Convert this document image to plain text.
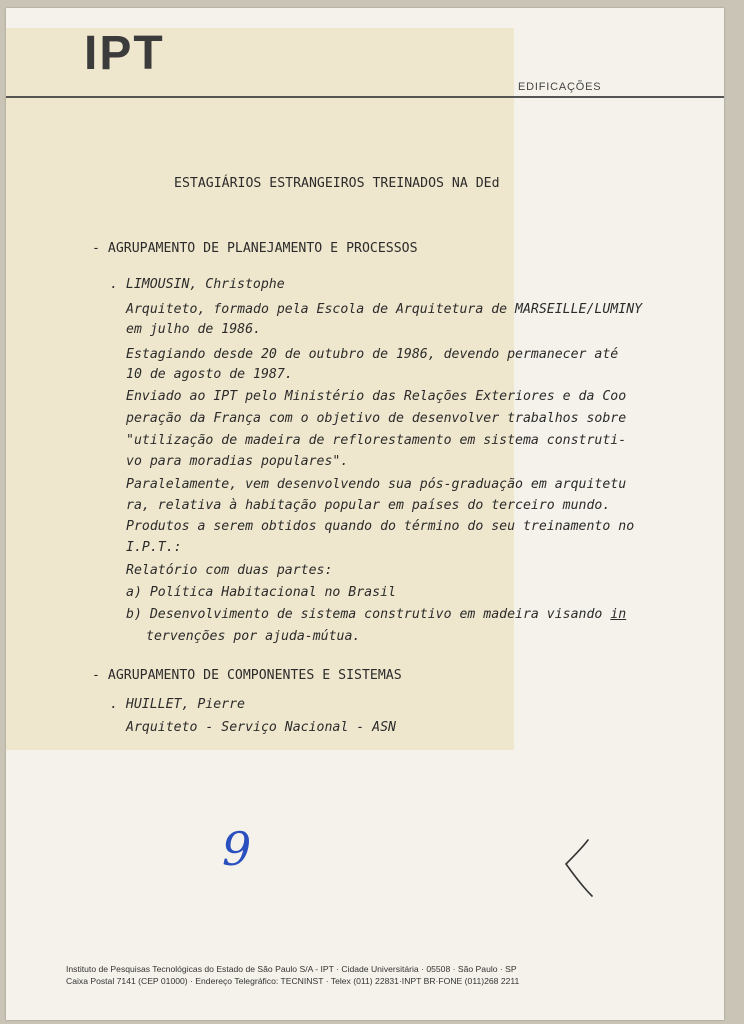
IPT
EDIFICAÇÕES
ESTAGIÁRIOS ESTRANGEIROS TREINADOS NA DEd
- AGRUPAMENTO DE PLANEJAMENTO E PROCESSOS
. LIMOUSIN, Christophe
Arquiteto, formado pela Escola de Arquitetura de MARSEILLE/LUMINY
em julho de 1986.
Estagiando desde 20 de outubro de 1986, devendo permanecer até
10 de agosto de 1987.
Enviado ao IPT pelo Ministério das Relações Exteriores e da Coo
peração da França com o objetivo de desenvolver trabalhos sobre
"utilização de madeira de reflorestamento em sistema construti-
vo para moradias populares".
Paralelamente, vem desenvolvendo sua pós-graduação em arquitetu
ra, relativa à habitação popular em países do terceiro mundo.
Produtos a serem obtidos quando do término do seu treinamento no
I.P.T.:
Relatório com duas partes:
a) Política Habitacional no Brasil
b) Desenvolvimento de sistema construtivo em madeira visando in
tervenções por ajuda-mútua.
- AGRUPAMENTO DE COMPONENTES E SISTEMAS
. HUILLET, Pierre
Arquiteto - Serviço Nacional - ASN
9
Instituto de Pesquisas Tecnológicas do Estado de São Paulo S/A - IPT · Cidade Universitária · 05508 · São Paulo · SP
Caixa Postal 7141 (CEP 01000) · Endereço Telegráfico: TECNINST · Telex (011) 22831·INPT BR·FONE (011)268 2211
